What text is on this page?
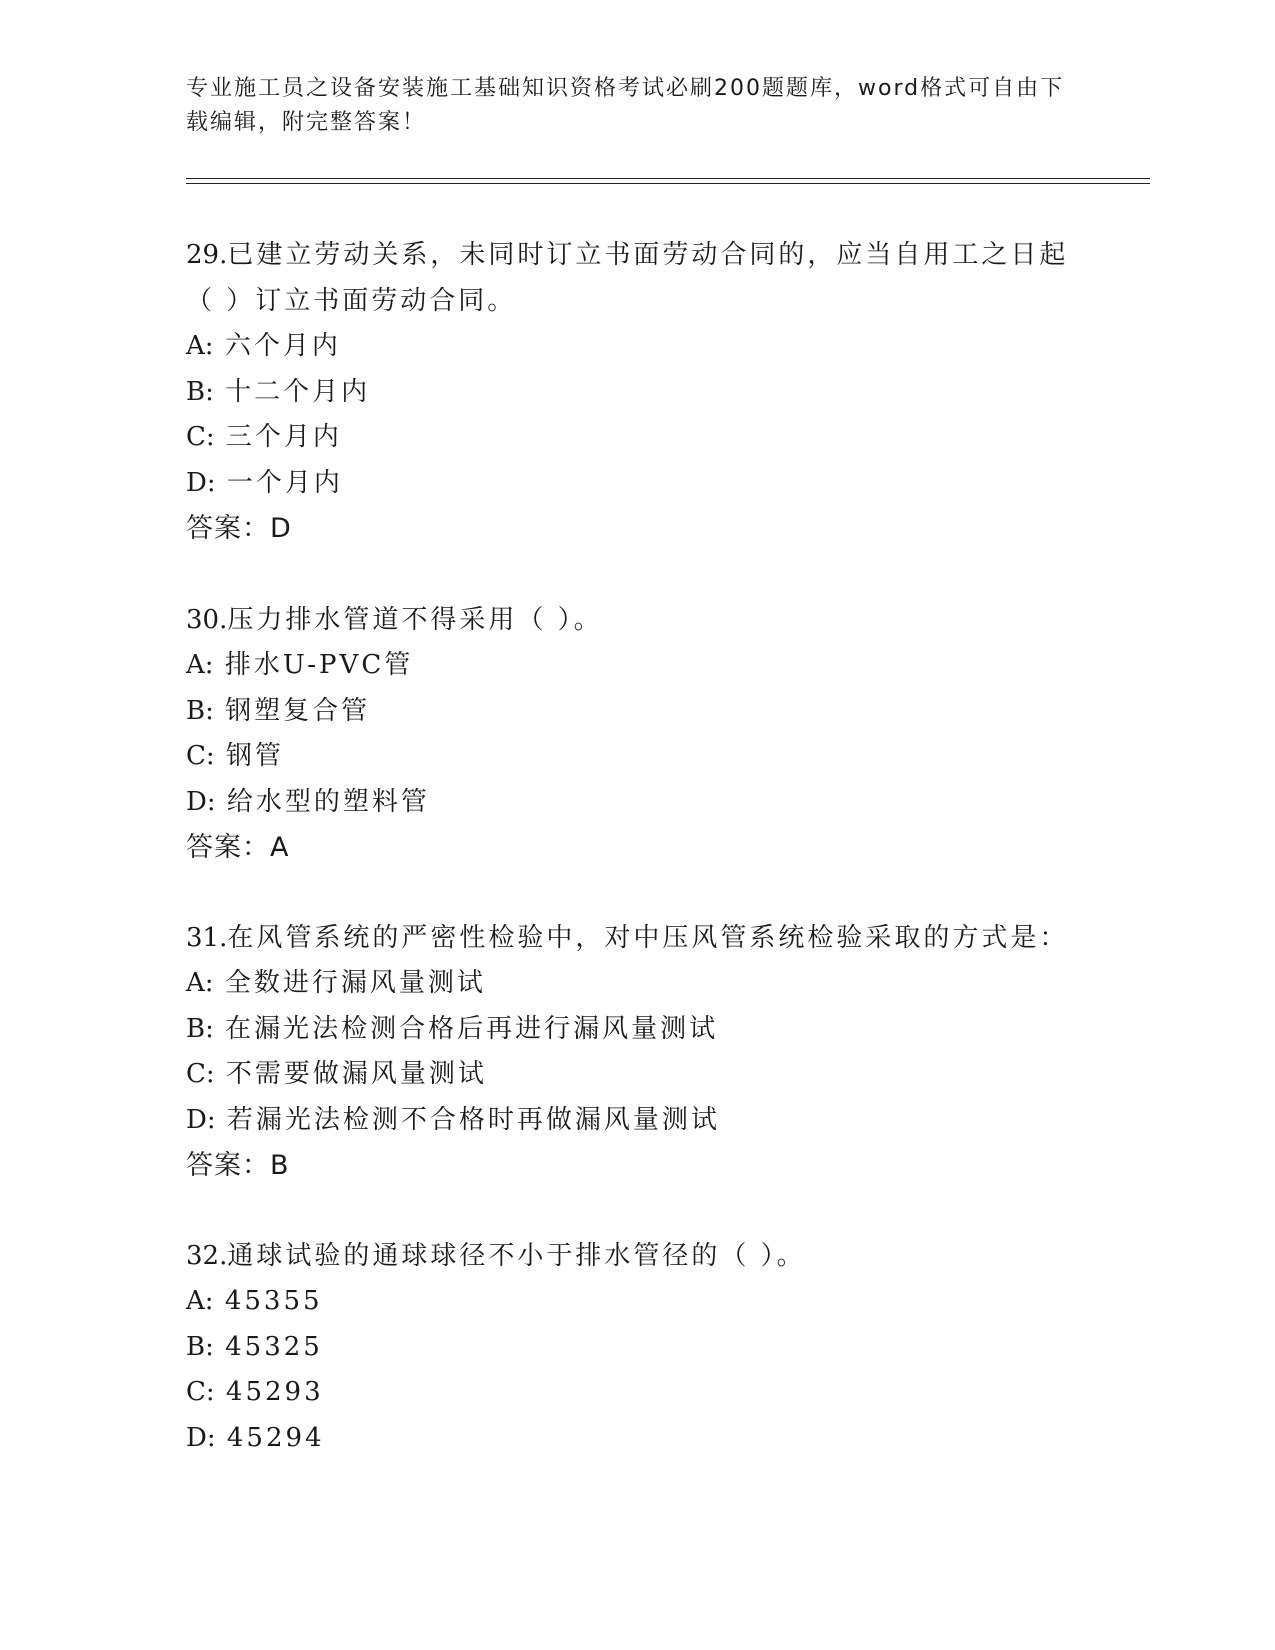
专业施工员之设备安装施工基础知识资格考试必刷200题题库，word格式可自由下载编辑，附完整答案！

29.已建立劳动关系，未同时订立书面劳动合同的，应当自用工之日起（ ）订立书面劳动合同。

A: 六个月内

B: 十二个月内

C: 三个月内

D: 一个月内

答案：D

30.压力排水管道不得采用（ ）。

A: 排水U-PVC管

B: 钢塑复合管

C: 钢管

D: 给水型的塑料管

答案：A

31.在风管系统的严密性检验中，对中压风管系统检验采取的方式是：

A: 全数进行漏风量测试

B: 在漏光法检测合格后再进行漏风量测试

C: 不需要做漏风量测试

D: 若漏光法检测不合格时再做漏风量测试

答案：B

32.通球试验的通球球径不小于排水管径的（ ）。

A: 45355

B: 45325

C: 45293

D: 45294
